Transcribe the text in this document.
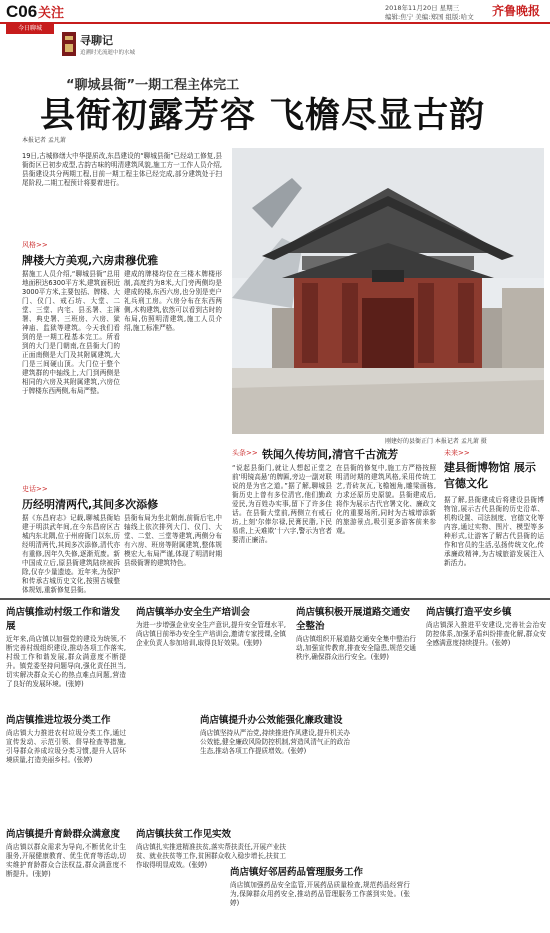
C06 关注	2018年11月20日 星期三
编辑:焦宁 美编:郑国 组版:哈文	齐鲁晚报
今日聊城
寻聊记
追溯时光流逝中的水城
“聊城县衙”一期工程主体完工
县衙初露芳容 飞檐尽显古韵
本报记者 孟凡萧
19日,古城修缮大中华提质改,东昌建设的“聊城县衙”已经动工修复,县衙街区已初步成型,古韵古味的明清建筑风貌,施工方一工作人员介绍,县衙建设共分两期工程,目前一期工程主体已经完成,部分建筑处于扫尾阶段,二期工程预计将要着进行。
风格>>
牌楼大方美观,六房肃穆优雅
据施工人员介绍,“聊城县衙”总用地面积达6300平方米,建筑面积近3000平方米,主要包括、牌楼、大门、仪门、戒石坊、大堂、二堂、三堂、内宅、县丞署、主簿署、典史署、三班房、六房、狱神庙、监狱等建筑。今天我们看到的是一期工程基本完工。所看到的大门是门朝南,在县衙大门的正面南侧是大门及其附属建筑,大门是三间硬山顶。大门位于整个建筑群的中轴线上,大门到两侧是相同的六房及其附属建筑,六房位于牌楼东西两侧,布局严整。
建成的牌楼均位在三楼木牌楼形制,高度约为8米,大门旁两侧均是建成的楼,东西六房,也分别是吏户礼兵刑工房。六房分布在东西两侧,木构建筑,依然可以看到古时的布局,仿照明清建筑,施工人员介绍,施工标准严格。
史话>>
历经明清两代,其间多次添修
据《东昌府志》记载,聊城县衙始建于明洪武年间,在今东昌府区古城内东北隅,位于州府衙门以东,历经明清两代,其间多次添修,清代亦有重修,因年久失修,逐渐荒废。新中国成立后,原县衙建筑陆续被拆除,仅存少量遗迹。近年来,为保护和传承古城历史文化,按照古城整体规划,重新修复县衙。
县衙布局为坐北朝南,前衙后宅,中轴线上依次排列大门、仪门、大堂、二堂、三堂等建筑,两侧分布有六房、班房等附属建筑,整体规模宏大,布局严谨,体现了明清时期县级衙署的建筑特色。
刚建好的县衙正门 本报记者 孟凡萧 摄
头条>> 铁闻久传坊间,清官千古流芳
“说起县衙门,就让人想起正堂之前‘明镜高悬’的牌匾,旁边一副对联说的是为官之道。”据了解,聊城县衙历史上曾有多位清官,他们勤政爱民,为百姓办实事,留下了许多佳话。在县衙大堂前,两侧立有戒石坊,上刻‘尔俸尔禄,民膏民脂,下民易虐,上天难欺’十六字,警示为官者要清正廉洁。
在县衙的修复中,施工方严格按照明清时期的建筑风格,采用传统工艺,青砖灰瓦,飞檐翘角,雕梁画栋,力求还原历史原貌。县衙建成后,将作为展示古代官署文化、廉政文化的重要场所,同时为古城增添新的旅游景点,吸引更多游客前来参观。
未来>>
建县衙博物馆 展示官德文化
据了解,县衙建成后将建设县衙博物馆,展示古代县衙的历史沿革、机构设置、司法制度、官德文化等内容,通过实物、图片、模型等多种形式,让游客了解古代县衙的运作和官员的生活,弘扬传统文化,传承廉政精神,为古城旅游发展注入新活力。
尚店镇推动村级工作和谐发展
近年来,尚店镇以加强党的建设为统领,不断完善村级组织建设,推动各项工作落实,村级工作和谐发展,群众满意度不断提升。镇党委坚持问题导向,强化责任担当,切实解决群众关心的热点难点问题,营造了良好的发展环境。(张婷)
尚店镇推进垃圾分类工作
尚店镇大力推进农村垃圾分类工作,通过宣传发动、示范引领、督导检查等措施,引导群众养成垃圾分类习惯,提升人居环境质量,打造美丽乡村。(张婷)
尚店镇提升育龄群众满意度
尚店镇以群众需求为导向,不断优化计生服务,开展健康教育、优生优育等活动,切实维护育龄群众合法权益,群众满意度不断提升。(张婷)
尚店镇举办安全生产培训会
为进一步增强企业安全生产意识,提升安全管理水平,尚店镇日前举办安全生产培训会,邀请专家授课,全镇企业负责人参加培训,取得良好效果。(张婷)
尚店镇提升办公效能强化廉政建设
尚店镇坚持从严治党,持续推进作风建设,提升机关办公效能,健全廉政风险防控机制,营造风清气正的政治生态,推动各项工作提质增效。(张婷)
尚店镇扶贫工作见实效
尚店镇扎实推进精准扶贫,落实帮扶责任,开展产业扶贫、就业扶贫等工作,贫困群众收入稳步增长,扶贫工作取得明显成效。(张婷)
尚店镇积极开展道路交通安全整治
尚店镇组织开展道路交通安全集中整治行动,加强宣传教育,排查安全隐患,规范交通秩序,确保群众出行安全。(张婷)
尚店镇打造平安乡镇
尚店镇深入推进平安建设,完善社会治安防控体系,加强矛盾纠纷排查化解,群众安全感满意度持续提升。(张婷)
尚店镇好邻居药品管理服务工作
尚店镇加强药品安全监管,开展药品质量检查,规范药品经营行为,保障群众用药安全,推动药品管理服务工作落到实处。(张婷)
